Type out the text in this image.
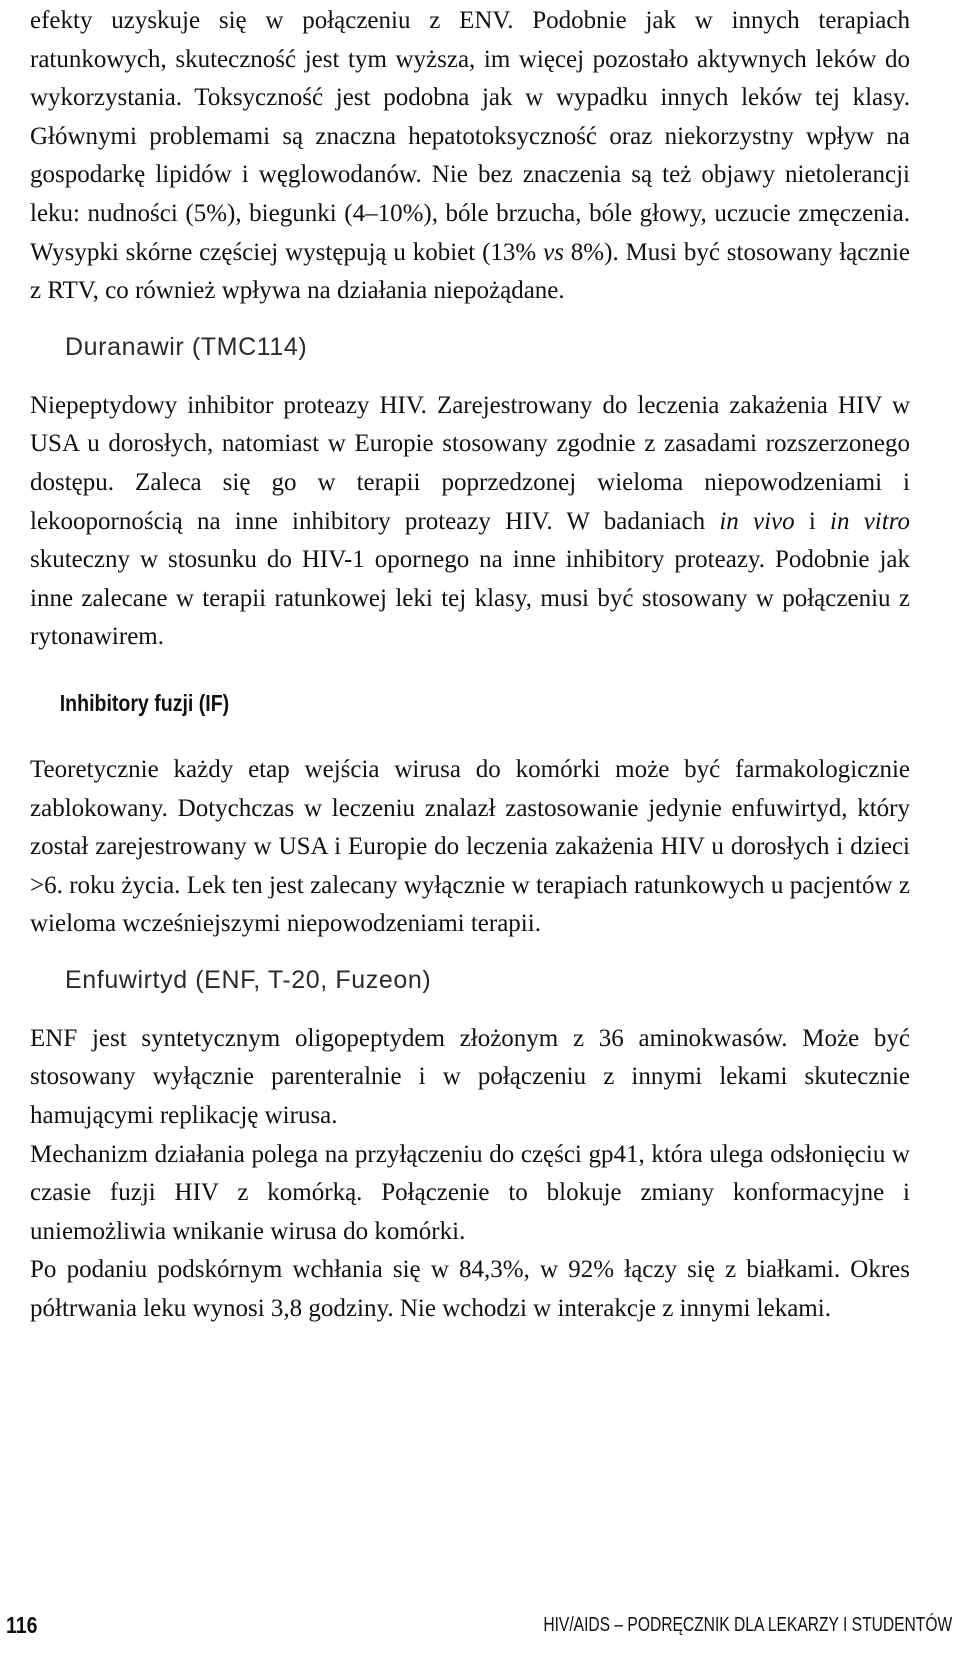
efekty uzyskuje się w połączeniu z ENV. Podobnie jak w innych terapiach ratunkowych, skuteczność jest tym wyższa, im więcej pozostało aktywnych leków do wykorzystania. Toksyczność jest podobna jak w wypadku innych leków tej klasy. Głównymi problemami są znaczna hepatotoksyczność oraz niekorzystny wpływ na gospodarkę lipidów i węglowodanów. Nie bez znaczenia są też objawy nietolerancji leku: nudności (5%), biegunki (4–10%), bóle brzucha, bóle głowy, uczucie zmęczenia. Wysypki skórne częściej występują u kobiet (13% vs 8%). Musi być stosowany łącznie z RTV, co również wpływa na działania niepożądane.

Duranawir (TMC114)

Niepeptydowy inhibitor proteazy HIV. Zarejestrowany do leczenia zakażenia HIV w USA u dorosłych, natomiast w Europie stosowany zgodnie z zasadami rozszerzonego dostępu. Zaleca się go w terapii poprzedzonej wieloma niepowodzeniami i lekoopornością na inne inhibitory proteazy HIV. W badaniach in vivo i in vitro skuteczny w stosunku do HIV-1 opornego na inne inhibitory proteazy. Podobnie jak inne zalecane w terapii ratunkowej leki tej klasy, musi być stosowany w połączeniu z rytonawirem.

Inhibitory fuzji (IF)

Teoretycznie każdy etap wejścia wirusa do komórki może być farmakologicznie zablokowany. Dotychczas w leczeniu znalazł zastosowanie jedynie enfuwirtyd, który został zarejestrowany w USA i Europie do leczenia zakażenia HIV u dorosłych i dzieci >6. roku życia. Lek ten jest zalecany wyłącznie w terapiach ratunkowych u pacjentów z wieloma wcześniejszymi niepowodzeniami terapii.

Enfuwirtyd (ENF, T-20, Fuzeon)

ENF jest syntetycznym oligopeptydem złożonym z 36 aminokwasów. Może być stosowany wyłącznie parenteralnie i w połączeniu z innymi lekami skutecznie hamującymi replikację wirusa.

Mechanizm działania polega na przyłączeniu do części gp41, która ulega odsłonięciu w czasie fuzji HIV z komórką. Połączenie to blokuje zmiany konformacyjne i uniemożliwia wnikanie wirusa do komórki.

Po podaniu podskórnym wchłania się w 84,3%, w 92% łączy się z białkami. Okres półtrwania leku wynosi 3,8 godziny. Nie wchodzi w interakcje z innymi lekami.

116	HIV/AIDS – PODRĘCZNIK DLA LEKARZY I STUDENTÓW
